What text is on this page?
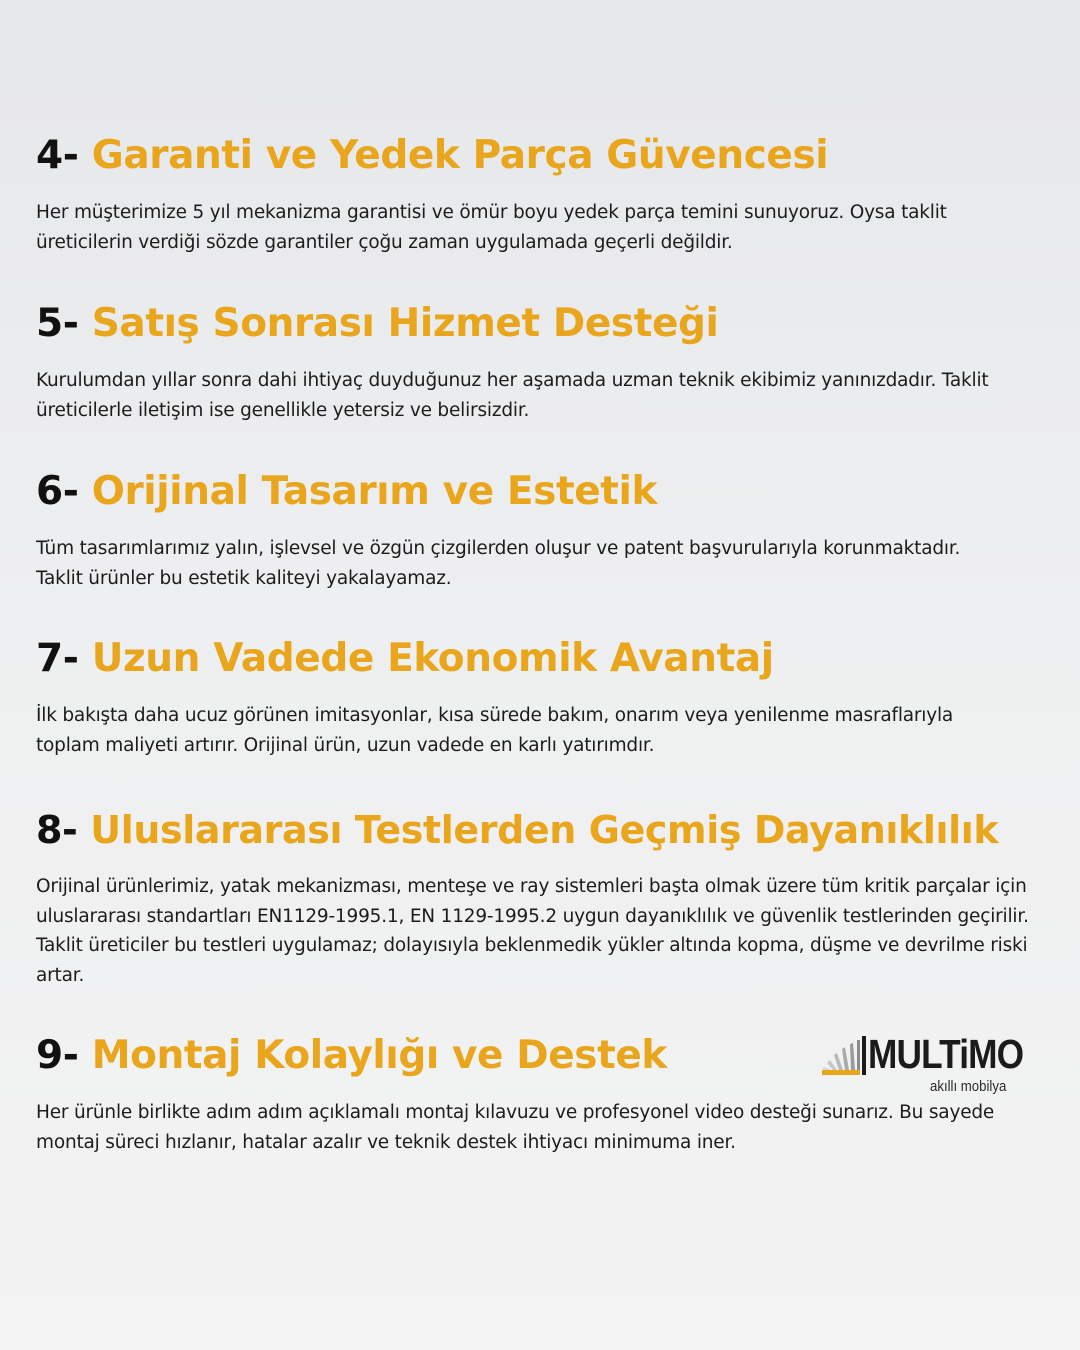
4- Garanti ve Yedek Parça Güvencesi

Her müşterimize 5 yıl mekanizma garantisi ve ömür boyu yedek parça temini sunuyoruz. Oysa taklit üreticilerin verdiği sözde garantiler çoğu zaman uygulamada geçerli değildir.

5- Satış Sonrası Hizmet Desteği

Kurulumdan yıllar sonra dahi ihtiyaç duyduğunuz her aşamada uzman teknik ekibimiz yanınızdadır. Taklit üreticilerle iletişim ise genellikle yetersiz ve belirsizdir.

6- Orijinal Tasarım ve Estetik

Tüm tasarımlarımız yalın, işlevsel ve özgün çizgilerden oluşur ve patent başvurularıyla korunmaktadır. Taklit ürünler bu estetik kaliteyi yakalayamaz.

7- Uzun Vadede Ekonomik Avantaj

İlk bakışta daha ucuz görünen imitasyonlar, kısa sürede bakım, onarım veya yenilenme masraflarıyla toplam maliyeti artırır. Orijinal ürün, uzun vadede en karlı yatırımdır.

8- Uluslararası Testlerden Geçmiş Dayanıklılık

Orijinal ürünlerimiz, yatak mekanizması, menteşe ve ray sistemleri başta olmak üzere tüm kritik parçalar için uluslararası standartları EN1129-1995.1, EN 1129-1995.2 uygun dayanıklılık ve güvenlik testlerinden geçirilir. Taklit üreticiler bu testleri uygulamaz; dolayısıyla beklenmedik yükler altında kopma, düşme ve devrilme riski artar.

9- Montaj Kolaylığı ve Destek

Her ürünle birlikte adım adım açıklamalı montaj kılavuzu ve profesyonel video desteği sunarız. Bu sayede montaj süreci hızlanır, hatalar azalır ve teknik destek ihtiyacı minimuma iner.

MULTiMO
akıllı mobilya
